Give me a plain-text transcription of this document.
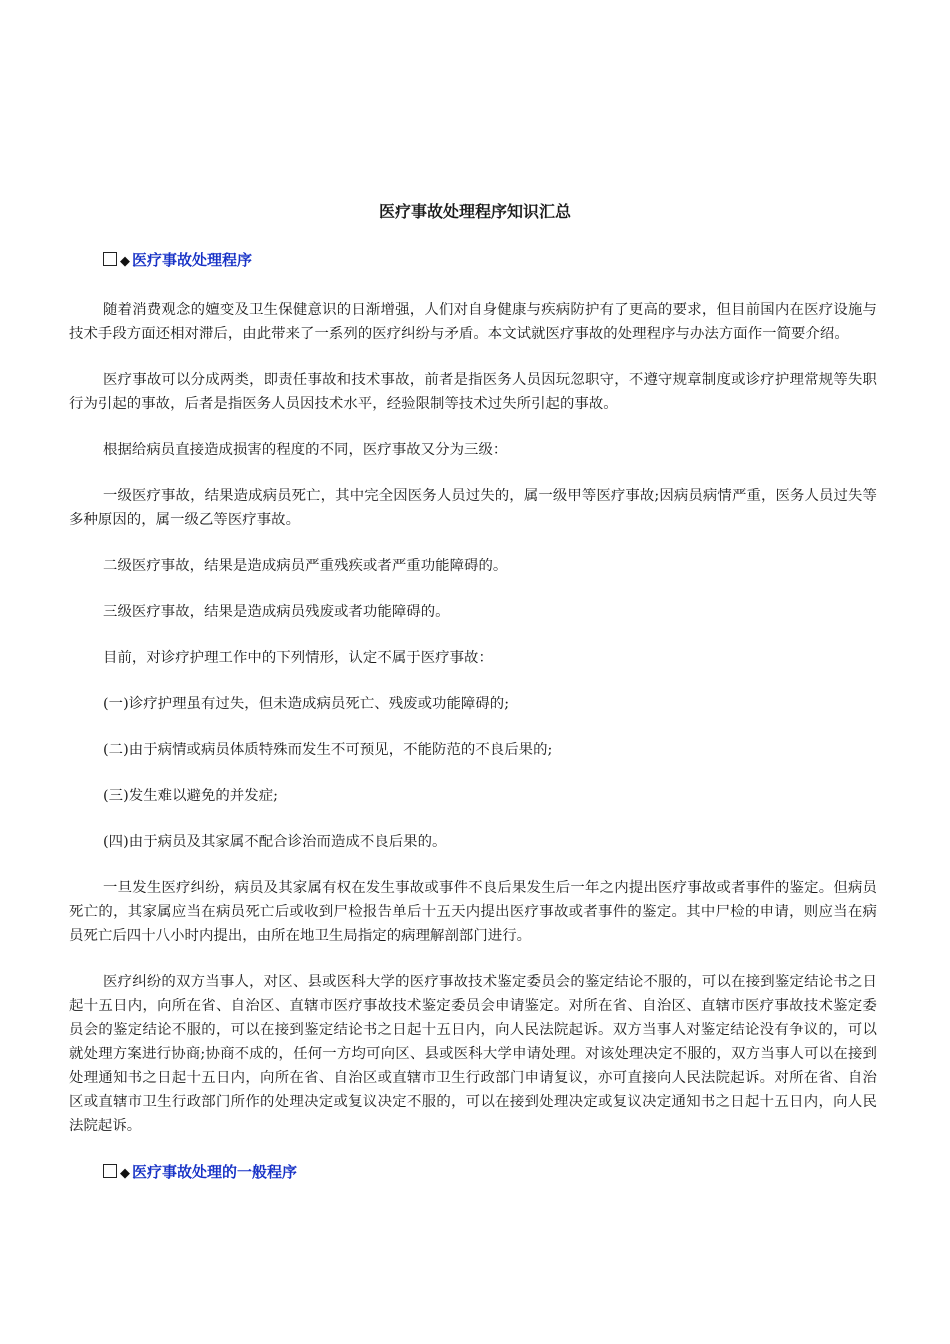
医疗事故处理程序知识汇总
◆ 医疗事故处理程序

随着消费观念的嬗变及卫生保健意识的日渐增强，人们对自身健康与疾病防护有了更高的要求，但目前国内在医疗设施与技术手段方面还相对滞后，由此带来了一系列的医疗纠纷与矛盾。本文试就医疗事故的处理程序与办法方面作一简要介绍。

医疗事故可以分成两类，即责任事故和技术事故，前者是指医务人员因玩忽职守，不遵守规章制度或诊疗护理常规等失职行为引起的事故，后者是指医务人员因技术水平，经验限制等技术过失所引起的事故。

根据给病员直接造成损害的程度的不同，医疗事故又分为三级：

一级医疗事故，结果造成病员死亡，其中完全因医务人员过失的，属一级甲等医疗事故;因病员病情严重，医务人员过失等多种原因的，属一级乙等医疗事故。

二级医疗事故，结果是造成病员严重残疾或者严重功能障碍的。

三级医疗事故，结果是造成病员残废或者功能障碍的。

目前，对诊疗护理工作中的下列情形，认定不属于医疗事故：

(一)诊疗护理虽有过失，但未造成病员死亡、残废或功能障碍的;

(二)由于病情或病员体质特殊而发生不可预见，不能防范的不良后果的;

(三)发生难以避免的并发症;

(四)由于病员及其家属不配合诊治而造成不良后果的。

一旦发生医疗纠纷，病员及其家属有权在发生事故或事件不良后果发生后一年之内提出医疗事故或者事件的鉴定。但病员死亡的，其家属应当在病员死亡后或收到尸检报告单后十五天内提出医疗事故或者事件的鉴定。其中尸检的申请，则应当在病员死亡后四十八小时内提出，由所在地卫生局指定的病理解剖部门进行。

医疗纠纷的双方当事人，对区、县或医科大学的医疗事故技术鉴定委员会的鉴定结论不服的，可以在接到鉴定结论书之日起十五日内，向所在省、自治区、直辖市医疗事故技术鉴定委员会申请鉴定。对所在省、自治区、直辖市医疗事故技术鉴定委员会的鉴定结论不服的，可以在接到鉴定结论书之日起十五日内，向人民法院起诉。双方当事人对鉴定结论没有争议的，可以就处理方案进行协商;协商不成的，任何一方均可向区、县或医科大学申请处理。对该处理决定不服的，双方当事人可以在接到处理通知书之日起十五日内，向所在省、自治区或直辖市卫生行政部门申请复议，亦可直接向人民法院起诉。对所在省、自治区或直辖市卫生行政部门所作的处理决定或复议决定不服的，可以在接到处理决定或复议决定通知书之日起十五日内，向人民法院起诉。

◆ 医疗事故处理的一般程序
